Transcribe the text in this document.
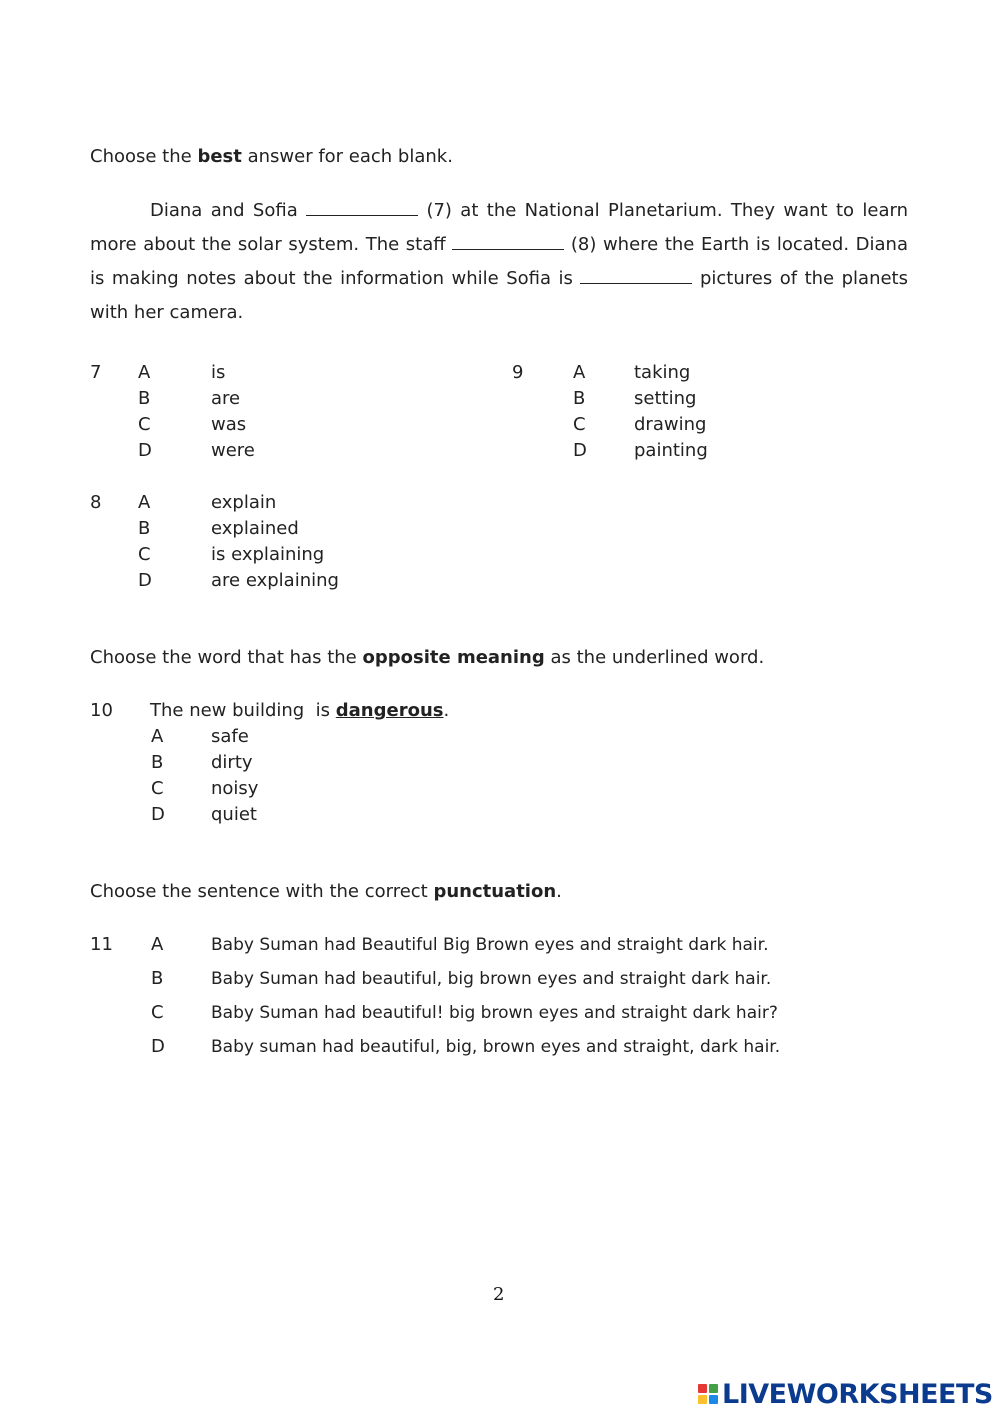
Choose the best answer for each blank.
Diana and Sofia	(7) at the National Planetarium. They want to learn more about the solar system. The staff	(8) where the Earth is located. Diana is making notes about the information while Sofia is	pictures of the planets with her camera.
7 A	is
B	are
C	was
D	were
9	A	taking
B	setting
C	drawing
D	painting
8 A	explain
B	explained
C	is explaining
D	are explaining
Choose the word that has the opposite meaning as the underlined word.
10 The new building  is dangerous.
A	safe
B	dirty
C	noisy
D	quiet
Choose the sentence with the correct punctuation.
11 A	Baby Suman had Beautiful Big Brown eyes and straight dark hair.
B	Baby Suman had beautiful, big brown eyes and straight dark hair.
C	Baby Suman had beautiful! big brown eyes and straight dark hair?
D	Baby suman had beautiful, big, brown eyes and straight, dark hair.
2
LIVEWORKSHEETS
